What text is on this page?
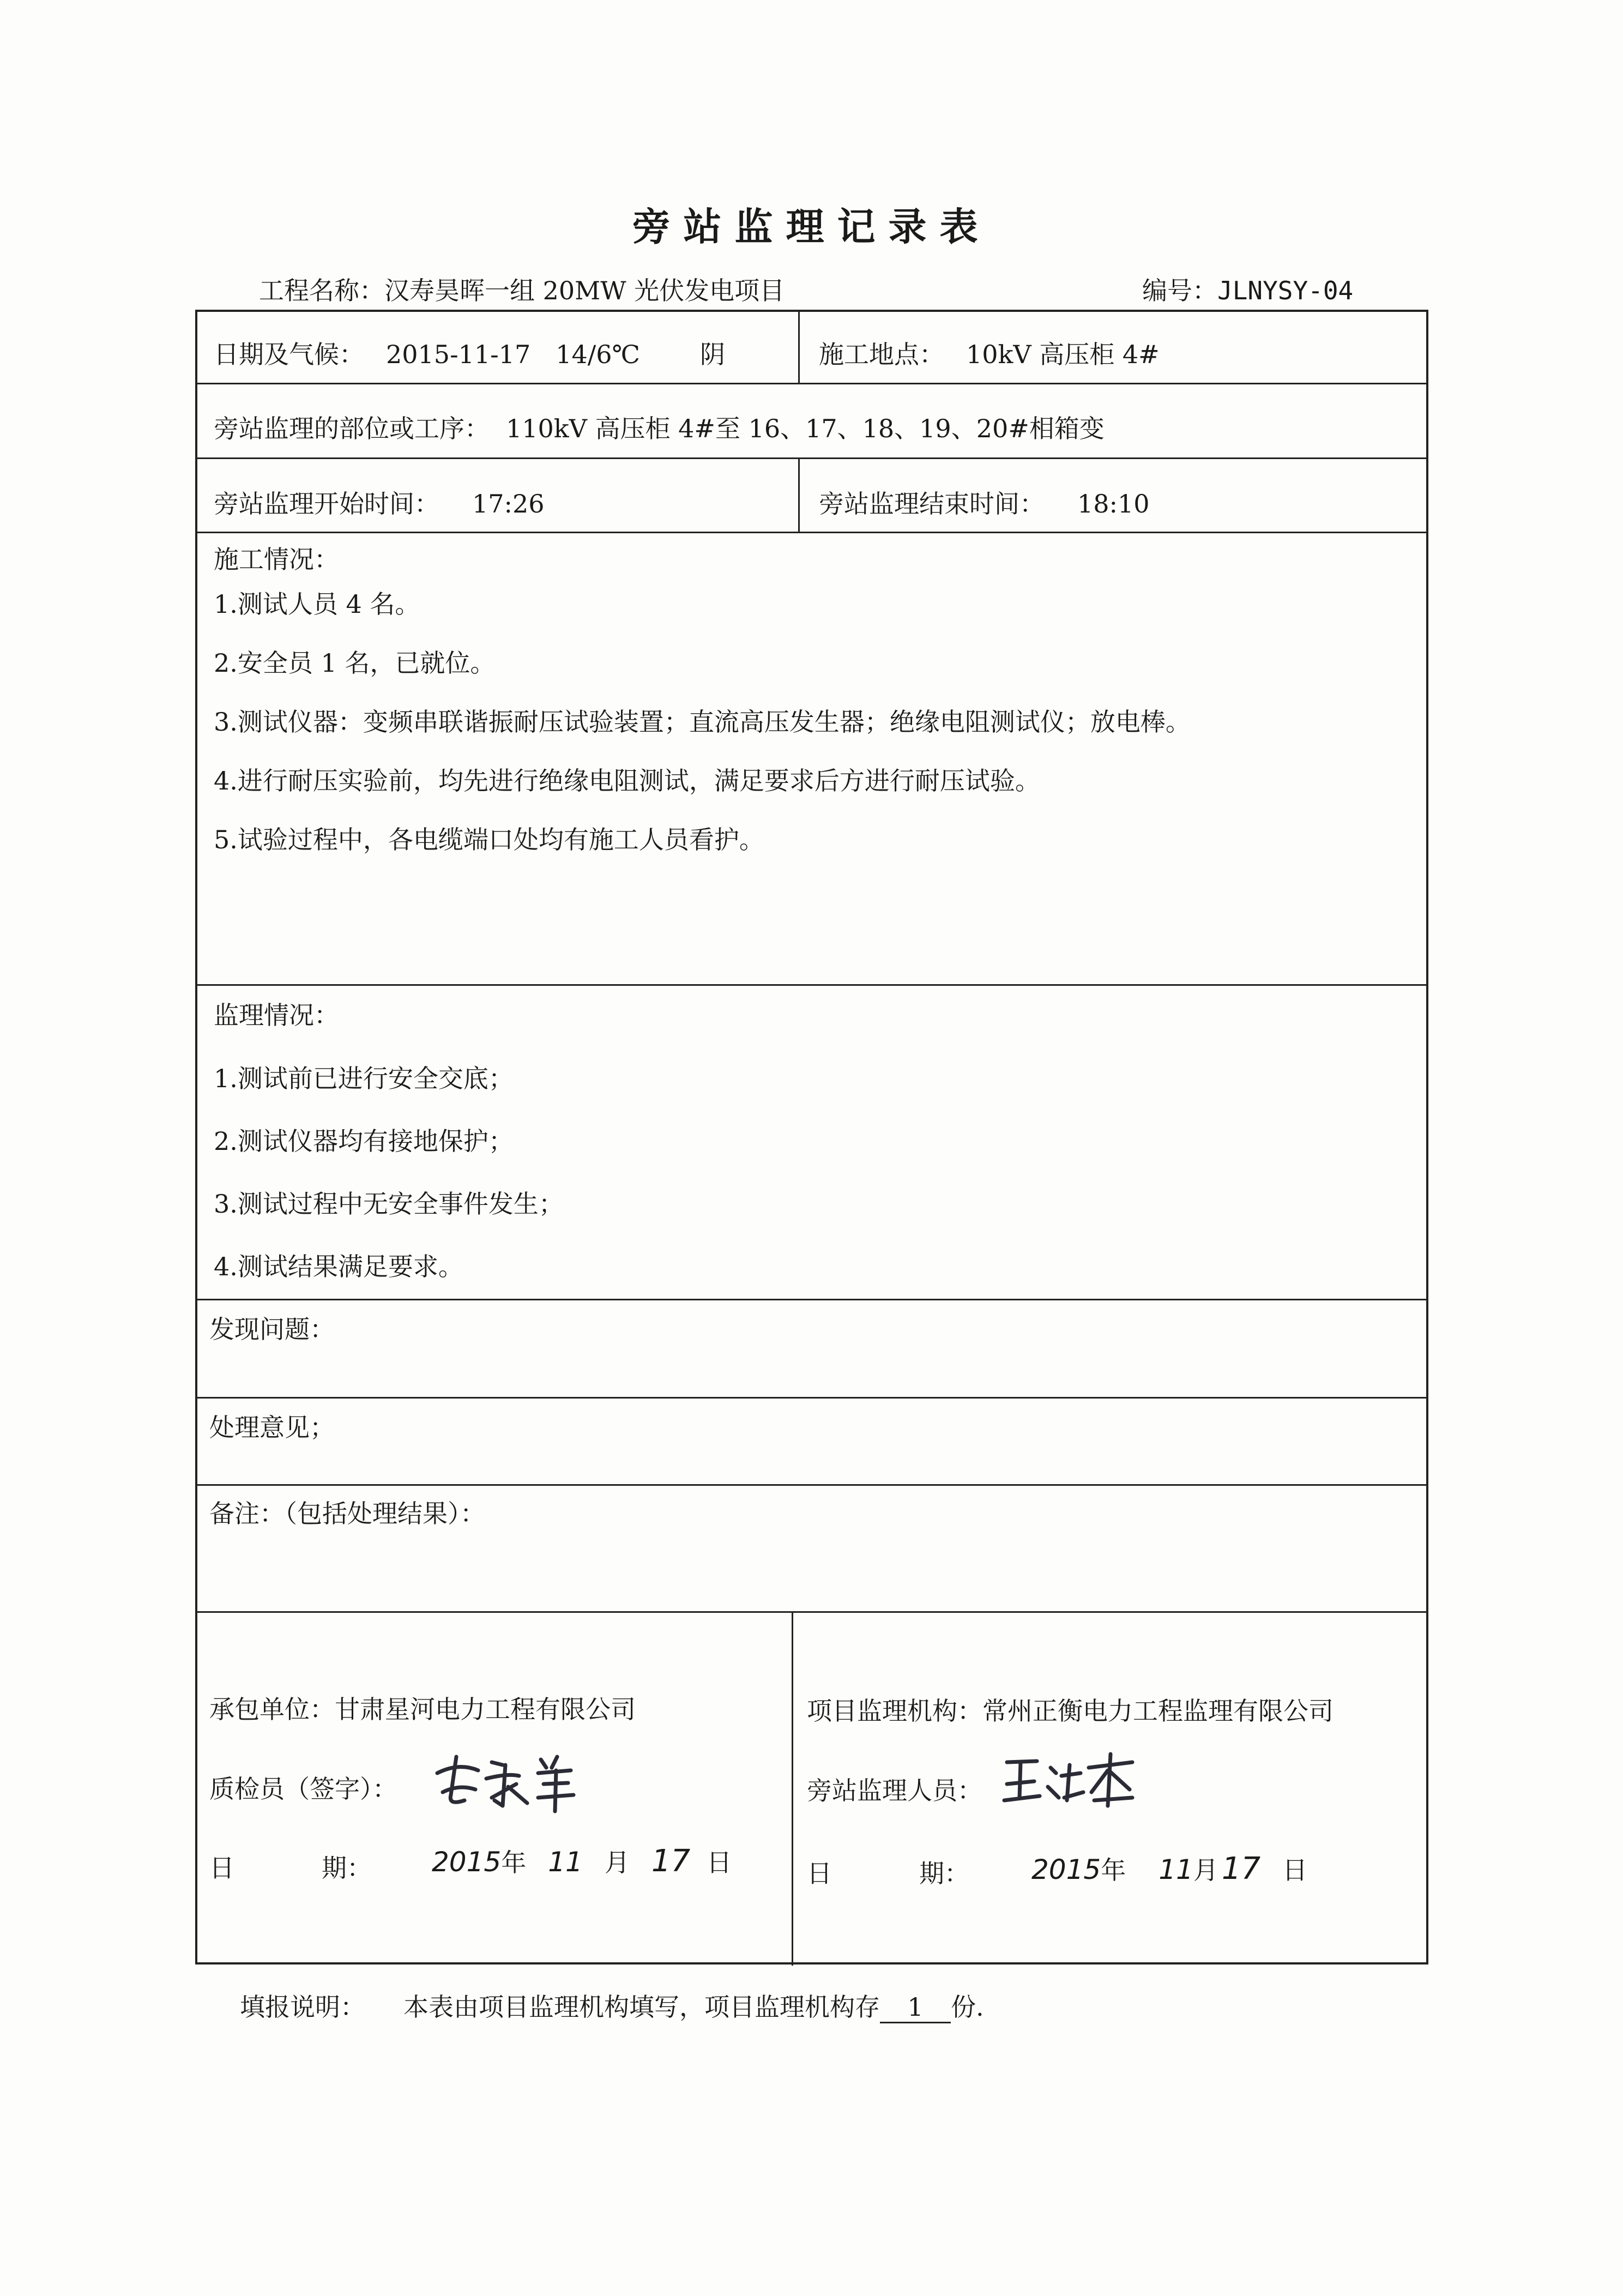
旁站监理记录表
工程名称：汉寿昊晖一组 20MW 光伏发电项目	编号：JLNYSY-04
日期及气候： 2015-11-17 14/6℃ 阴	施工地点： 10kV 高压柜 4#
旁站监理的部位或工序： 110kV 高压柜 4#至 16、17、18、19、20#相箱变
旁站监理开始时间： 17:26	旁站监理结束时间： 18:10
施工情况：
1.测试人员 4 名。
2.安全员 1 名，已就位。
3.测试仪器：变频串联谐振耐压试验装置；直流高压发生器；绝缘电阻测试仪；放电棒。
4.进行耐压实验前，均先进行绝缘电阻测试，满足要求后方进行耐压试验。
5.试验过程中，各电缆端口处均有施工人员看护。
监理情况：
1.测试前已进行安全交底；
2.测试仪器均有接地保护；
3.测试过程中无安全事件发生；
4.测试结果满足要求。
发现问题：
处理意见；
备注：（包括处理结果）：
承包单位：甘肃星河电力工程有限公司
质检员（签字）：
日	期： 2015年 11 月 17 日
项目监理机构：常州正衡电力工程监理有限公司
旁站监理人员：
日	期： 2015年 11月 17 日
填报说明： 本表由项目监理机构填写，项目监理机构存 1 份.
